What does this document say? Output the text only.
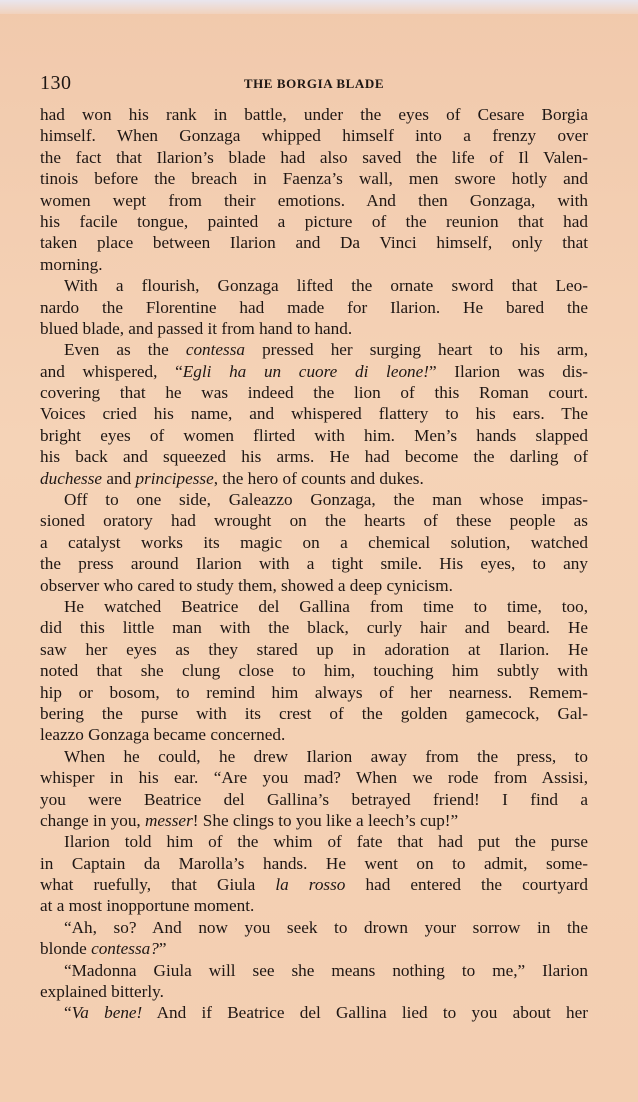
130	THE BORGIA BLADE
had won his rank in battle, under the eyes of Cesare Borgia
himself. When Gonzaga whipped himself into a frenzy over
the fact that Ilarion’s blade had also saved the life of Il Valen-
tinois before the breach in Faenza’s wall, men swore hotly and
women wept from their emotions. And then Gonzaga, with
his facile tongue, painted a picture of the reunion that had
taken place between Ilarion and Da Vinci himself, only that
morning.
With a flourish, Gonzaga lifted the ornate sword that Leo-
nardo the Florentine had made for Ilarion. He bared the
blued blade, and passed it from hand to hand.
Even as the contessa pressed her surging heart to his arm,
and whispered, “Egli ha un cuore di leone!” Ilarion was dis-
covering that he was indeed the lion of this Roman court.
Voices cried his name, and whispered flattery to his ears. The
bright eyes of women flirted with him. Men’s hands slapped
his back and squeezed his arms. He had become the darling of
duchesse and principesse, the hero of counts and dukes.
Off to one side, Galeazzo Gonzaga, the man whose impas-
sioned oratory had wrought on the hearts of these people as
a catalyst works its magic on a chemical solution, watched
the press around Ilarion with a tight smile. His eyes, to any
observer who cared to study them, showed a deep cynicism.
He watched Beatrice del Gallina from time to time, too,
did this little man with the black, curly hair and beard. He
saw her eyes as they stared up in adoration at Ilarion. He
noted that she clung close to him, touching him subtly with
hip or bosom, to remind him always of her nearness. Remem-
bering the purse with its crest of the golden gamecock, Gal-
leazzo Gonzaga became concerned.
When he could, he drew Ilarion away from the press, to
whisper in his ear. “Are you mad? When we rode from Assisi,
you were Beatrice del Gallina’s betrayed friend! I find a
change in you, messer! She clings to you like a leech’s cup!”
Ilarion told him of the whim of fate that had put the purse
in Captain da Marolla’s hands. He went on to admit, some-
what ruefully, that Giula la rosso had entered the courtyard
at a most inopportune moment.
“Ah, so? And now you seek to drown your sorrow in the
blonde contessa?”
“Madonna Giula will see she means nothing to me,” Ilarion
explained bitterly.
“Va bene! And if Beatrice del Gallina lied to you about her
